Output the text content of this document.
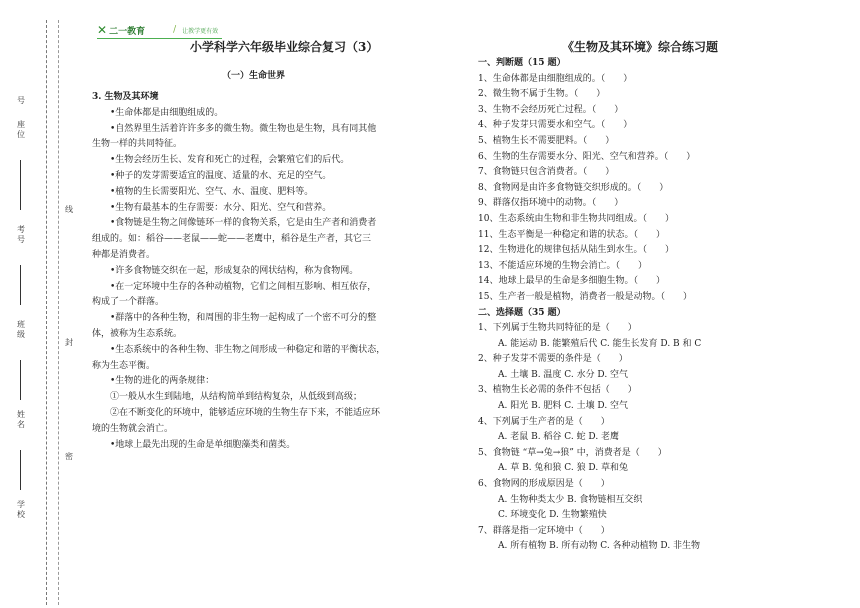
号
座位
考号
班级
姓名
学校
线
封
密
✕ 二一教育	/ 让教学更有效
小学科学六年级毕业综合复习（3）
（一）生命世界

3. 生物及其环境

•生命体都是由细胞组成的。

•自然界里生活着许许多多的微生物。微生物也是生物，具有同其他

生物一样的共同特征。

•生物会经历生长、发育和死亡的过程，会繁殖它们的后代。

•种子的发芽需要适宜的温度、适量的水、充足的空气。

•植物的生长需要阳光、空气、水、温度、肥料等。

•生物有最基本的生存需要：水分、阳光、空气和营养。

•食物链是生物之间像链环一样的食物关系，它是由生产者和消费者

组成的。如：稻谷——老鼠——蛇——老鹰中，稻谷是生产者，其它三

种都是消费者。

•许多食物链交织在一起，形成复杂的网状结构，称为食物网。

•在一定环境中生存的各种动植物，它们之间相互影响、相互依存，

构成了一个群落。

•群落中的各种生物，和周围的非生物一起构成了一个密不可分的整

体，被称为生态系统。

•生态系统中的各种生物、非生物之间形成一种稳定和谐的平衡状态，

称为生态平衡。

•生物的进化的两条规律：

①一般从水生到陆地，从结构简单到结构复杂，从低级到高级；

②在不断变化的环境中，能够适应环境的生物生存下来，不能适应环

境的生物就会消亡。

•地球上最先出现的生命是单细胞藻类和菌类。

《生物及其环境》综合练习题

一、判断题（15 题）

1、生命体都是由细胞组成的。（　　）

2、微生物不属于生物。（　　）

3、生物不会经历死亡过程。（　　）

4、种子发芽只需要水和空气。（　　）

5、植物生长不需要肥料。（　　）

6、生物的生存需要水分、阳光、空气和营养。（　　）

7、食物链只包含消费者。（　　）

8、食物网是由许多食物链交织形成的。（　　）

9、群落仅指环境中的动物。（　　）

10、生态系统由生物和非生物共同组成。（　　）

11、生态平衡是一种稳定和谐的状态。（　　）

12、生物进化的规律包括从陆生到水生。（　　）

13、不能适应环境的生物会消亡。（　　）

14、地球上最早的生命是多细胞生物。（　　）

15、生产者一般是植物，消费者一般是动物。（　　）

二、选择题（35 题）

1、下列属于生物共同特征的是（　　）

A. 能运动 B. 能繁殖后代 C. 能生长发育 D. B 和 C

2、种子发芽不需要的条件是（　　）

A. 土壤 B. 温度 C. 水分 D. 空气

3、植物生长必需的条件不包括（　　）

A. 阳光 B. 肥料 C. 土壤 D. 空气

4、下列属于生产者的是（　　）

A. 老鼠 B. 稻谷 C. 蛇 D. 老鹰

5、食物链 “草→兔→狼” 中，消费者是（　　）

A. 草 B. 兔和狼 C. 狼 D. 草和兔

6、食物网的形成原因是（　　）

A. 生物种类太少 B. 食物链相互交织

C. 环境变化 D. 生物繁殖快

7、群落是指一定环境中（　　）

A. 所有植物 B. 所有动物 C. 各种动植物 D. 非生物
